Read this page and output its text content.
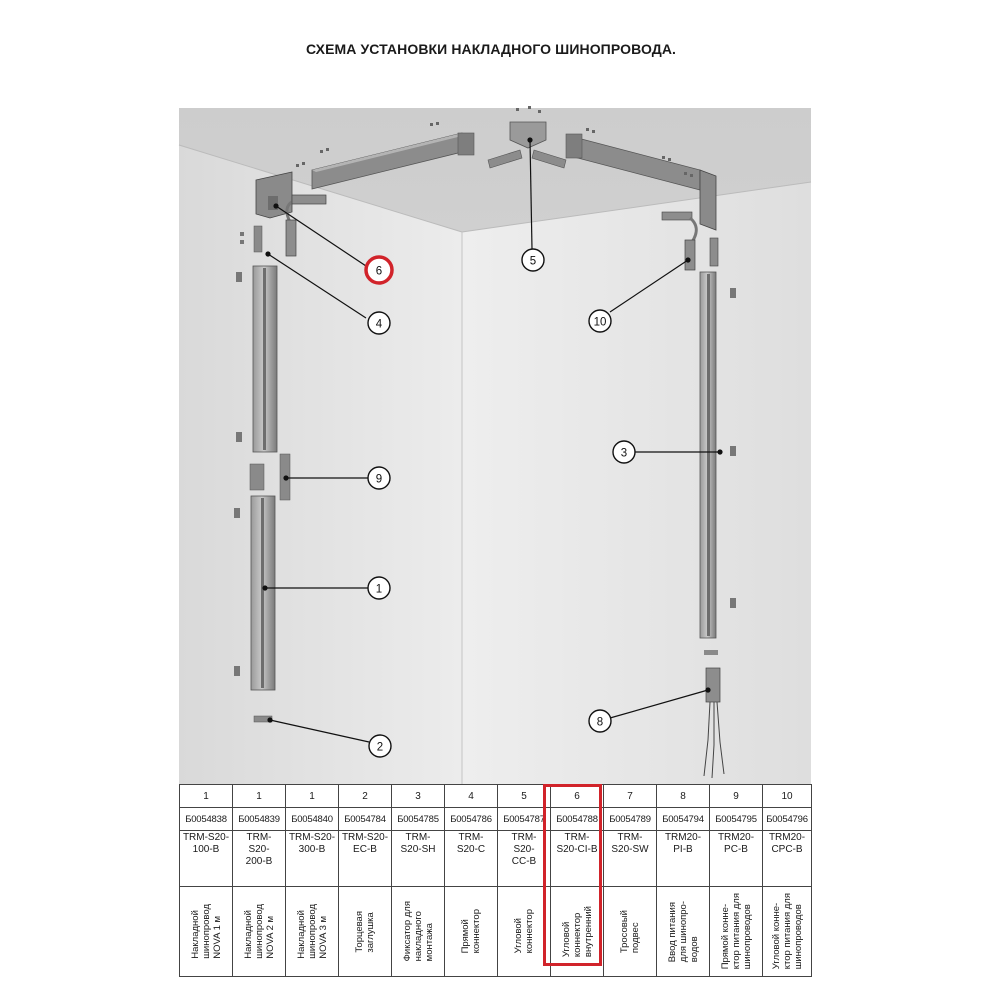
СХЕМА УСТАНОВКИ НАКЛАДНОГО ШИНОПРОВОДА.
6
4
9
1
2
5
10
3
8
1	1	1	2	3	4	5	6	7	8	9	10
Б0054838	Б0054839	Б0054840	Б0054784	Б0054785	Б0054786	Б0054787	Б0054788	Б0054789	Б0054794	Б0054795	Б0054796
TRM-S20-
100-B	TRM-
S20-
200-B	TRM-S20-
300-B	TRM-S20-
EC-B	TRM-
S20-SH	TRM-
S20-C	TRM-
S20-
CC-B	TRM-
S20-CI-B	TRM-
S20-SW	TRM20-
PI-B	TRM20-
PC-B	TRM20-
CPC-B

Накладной
шинопровод
NOVA 1 м	Накладной
шинопровод
NOVA 2 м	Накладной
шинопровод
NOVA 3 м	Торцевая
заглушка	Фиксатор для
накладного
монтажа	Прямой
коннектор	Угловой
коннектор	Угловой
коннектор
внутренний	Тросовый
подвес	Ввод питания
для шинопро-
водов	Прямой конне-
ктор питания для
шинопроводов	Угловой конне-
ктор питания для
шинопроводов
